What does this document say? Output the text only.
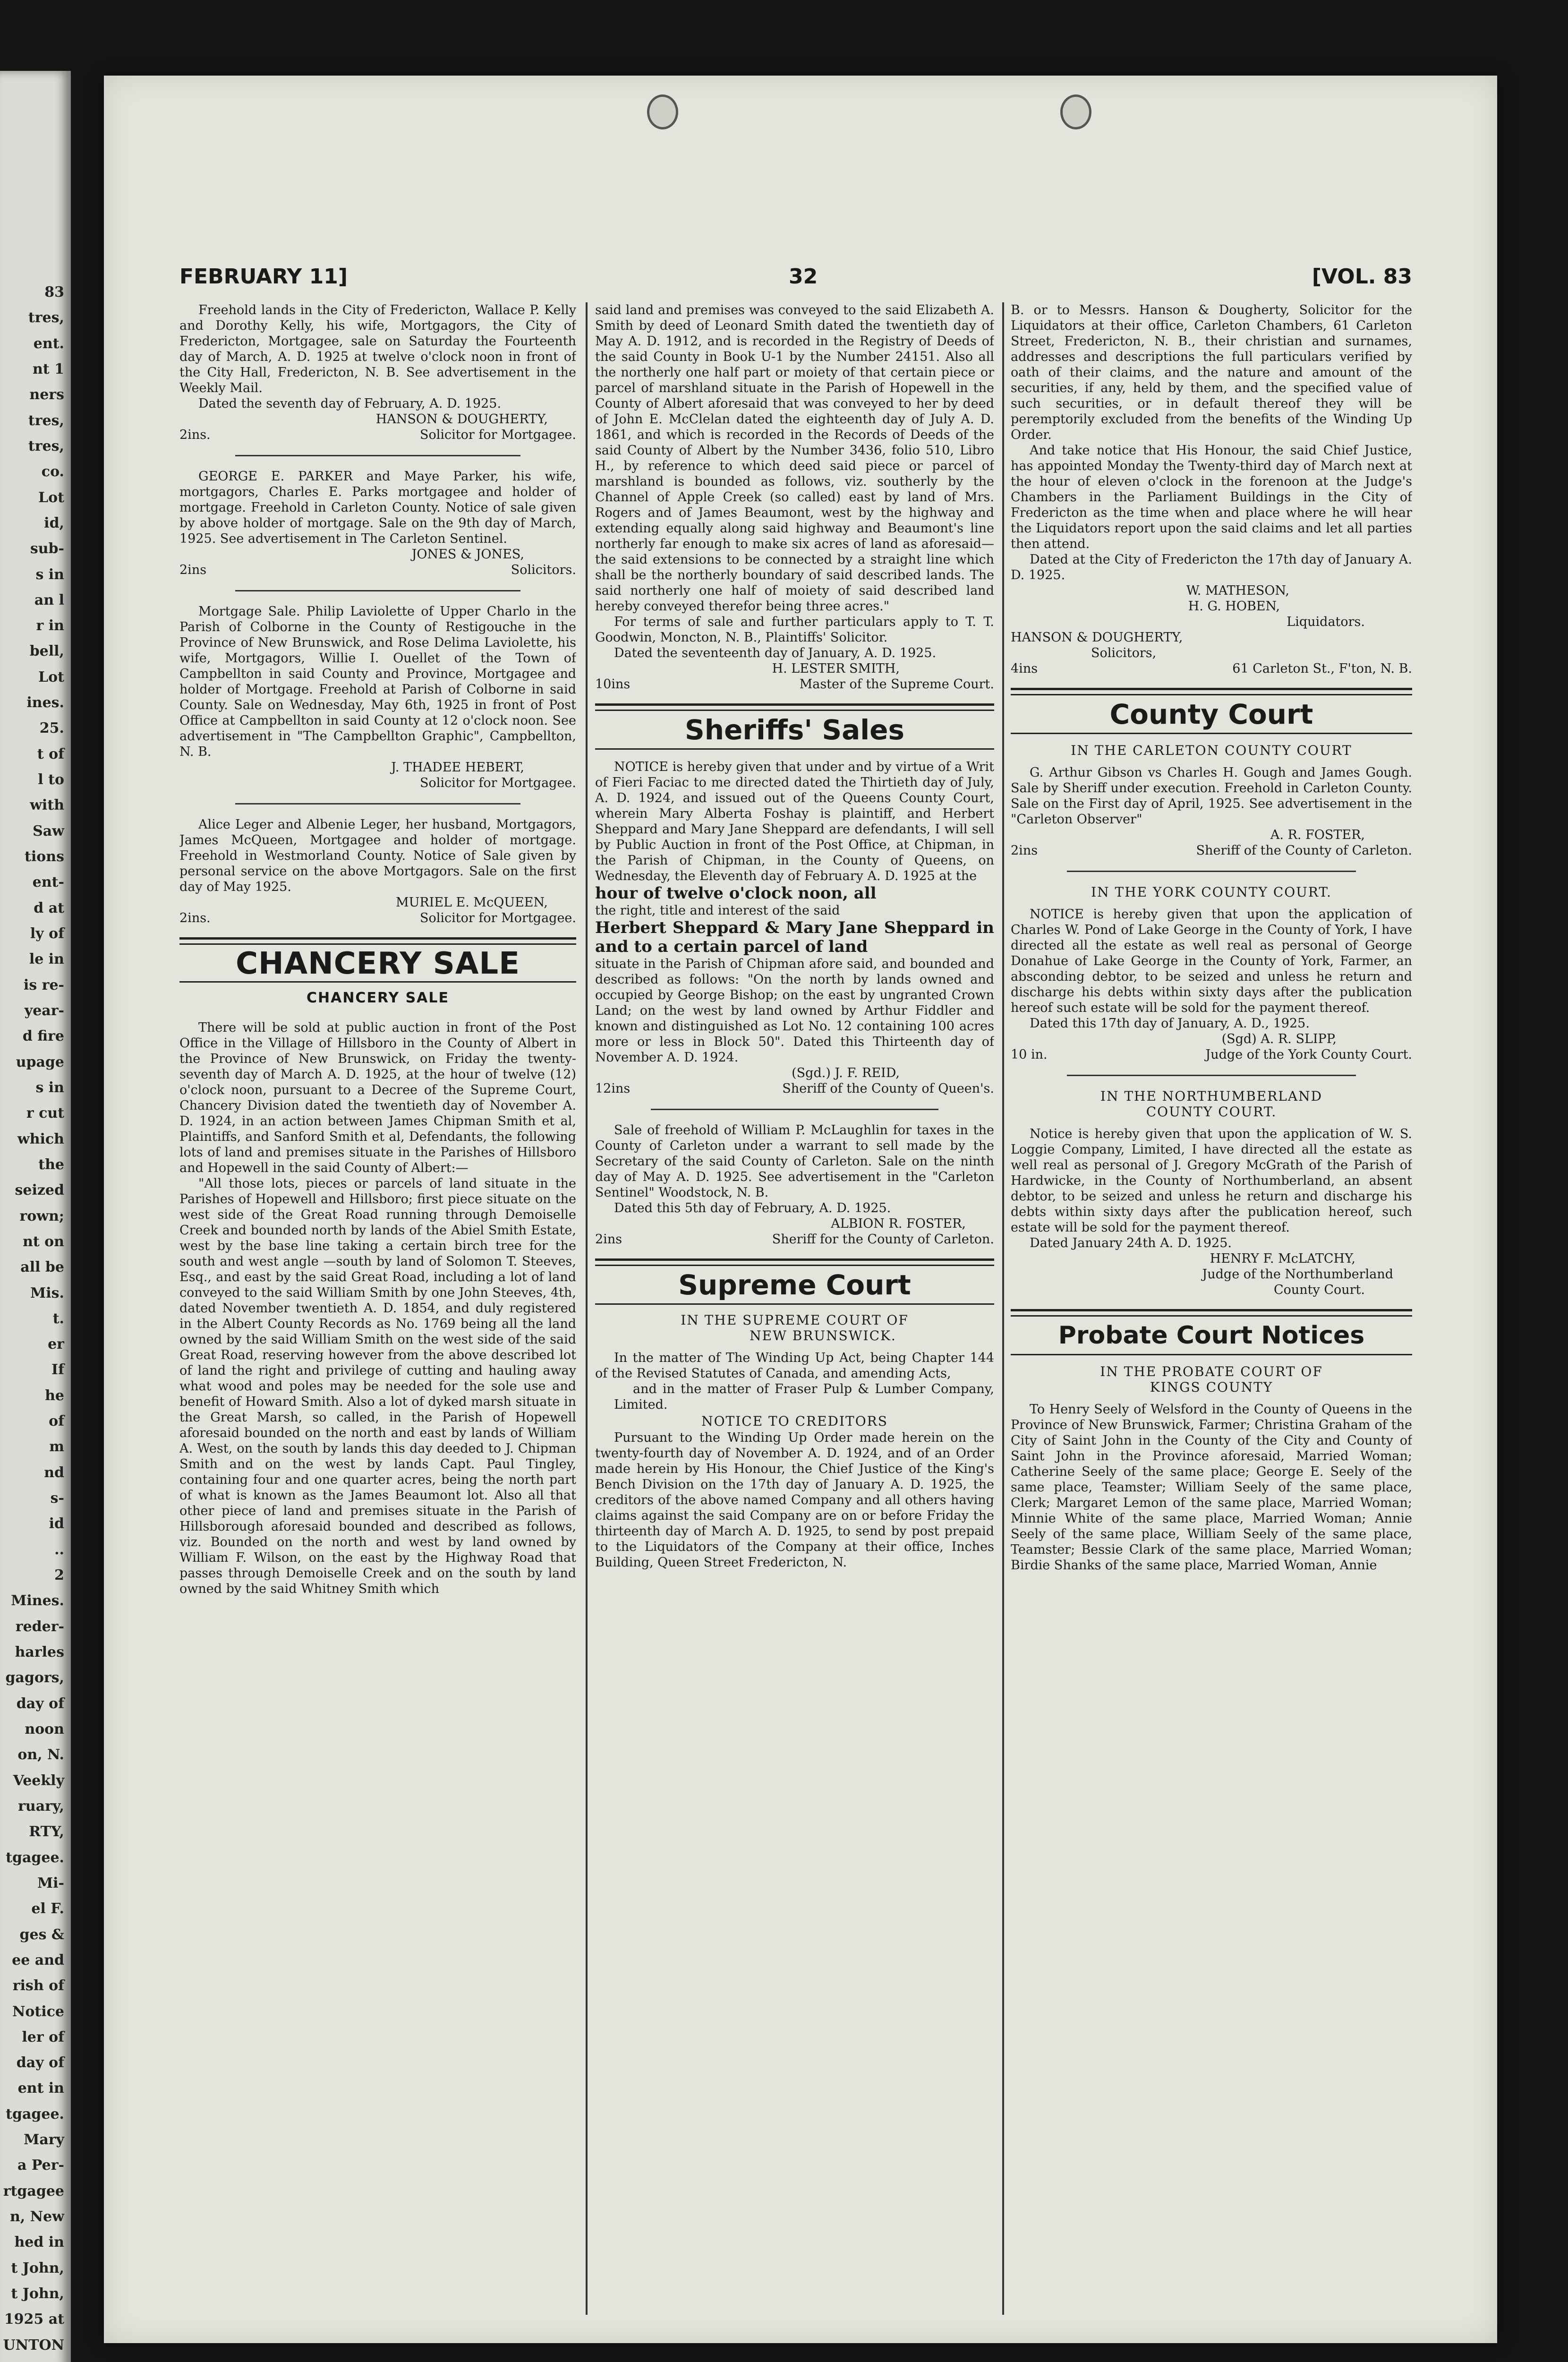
83
tres,
ent.
nt 1
ners
tres,
tres,
co.
Lot
id,
sub-
s in
an l
r in
bell,
Lot
ines.
25.
t of
l to
with
Saw
tions
ent-
d at
ly of
le in
is re-
year-
d fire
upage
s in
r cut
which
the
seized
rown;
nt on
all be
Mis.
t.
er
If
he
of
m
nd
s-
id
..
2
Mines.
reder-
harles
gagors,
day of
noon
on, N.
Veekly
ruary,
RTY,
tgagee.
Mi-
el F.
ges &
ee and
rish of
Notice
ler of
day of
ent in
tgagee.
Mary
a Per-
rtgagee
n, New
hed in
t John,
t John,
1925 at
UNTON
FEBRUARY 11]	32	[VOL. 83

Freehold lands in the City of Fredericton, Wallace P. Kelly and Dorothy Kelly, his wife, Mortgagors, the City of Fredericton, Mortgagee, sale on Saturday the Fourteenth day of March, A. D. 1925 at twelve o'clock noon in front of the City Hall, Fredericton, N. B. See advertisement in the Weekly Mail.

Dated the seventh day of February, A. D. 1925.

HANSON & DOUGHERTY,

2ins.	Solicitor for Mortgagee.

GEORGE E. PARKER and Maye Parker, his wife, mortgagors, Charles E. Parks mortgagee and holder of mortgage. Freehold in Carleton County. Notice of sale given by above holder of mortgage. Sale on the 9th day of March, 1925. See advertisement in The Carleton Sentinel.

JONES & JONES,

2ins	Solicitors.

Mortgage Sale. Philip Laviolette of Upper Charlo in the Parish of Colborne in the County of Restigouche in the Province of New Brunswick, and Rose Delima Laviolette, his wife, Mortgagors, Willie I. Ouellet of the Town of Campbellton in said County and Province, Mortgagee and holder of Mortgage. Freehold at Parish of Colborne in said County. Sale on Wednesday, May 6th, 1925 in front of Post Office at Campbellton in said County at 12 o'clock noon. See advertisement in "The Campbellton Graphic", Campbellton, N. B.

J. THADEE HEBERT,

Solicitor for Mortgagee.

Alice Leger and Albenie Leger, her husband, Mortgagors, James McQueen, Mortgagee and holder of mortgage. Freehold in Westmorland County. Notice of Sale given by personal service on the above Mortgagors. Sale on the first day of May 1925.

MURIEL E. McQUEEN,

2ins.	Solicitor for Mortgagee.
CHANCERY SALE
CHANCERY SALE

There will be sold at public auction in front of the Post Office in the Village of Hillsboro in the County of Albert in the Province of New Brunswick, on Friday the twenty-seventh day of March A. D. 1925, at the hour of twelve (12) o'clock noon, pursuant to a Decree of the Supreme Court, Chancery Division dated the twentieth day of November A. D. 1924, in an action between James Chipman Smith et al, Plaintiffs, and Sanford Smith et al, Defendants, the following lots of land and premises situate in the Parishes of Hillsboro and Hopewell in the said County of Albert:—

"All those lots, pieces or parcels of land situate in the Parishes of Hopewell and Hillsboro; first piece situate on the west side of the Great Road running through Demoiselle Creek and bounded north by lands of the Abiel Smith Estate, west by the base line taking a certain birch tree for the south and west angle —south by land of Solomon T. Steeves, Esq., and east by the said Great Road, including a lot of land conveyed to the said William Smith by one John Steeves, 4th, dated November twentieth A. D. 1854, and duly registered in the Albert County Records as No. 1769 being all the land owned by the said William Smith on the west side of the said Great Road, reserving however from the above described lot of land the right and privilege of cutting and hauling away what wood and poles may be needed for the sole use and benefit of Howard Smith. Also a lot of dyked marsh situate in the Great Marsh, so called, in the Parish of Hopewell aforesaid bounded on the north and east by lands of William A. West, on the south by lands this day deeded to J. Chipman Smith and on the west by lands Capt. Paul Tingley, containing four and one quarter acres, being the north part of what is known as the James Beaumont lot. Also all that other piece of land and premises situate in the Parish of Hillsborough aforesaid bounded and described as follows, viz. Bounded on the north and west by land owned by William F. Wilson, on the east by the Highway Road that passes through Demoiselle Creek and on the south by land owned by the said Whitney Smith which

said land and premises was conveyed to the said Elizabeth A. Smith by deed of Leonard Smith dated the twentieth day of May A. D. 1912, and is recorded in the Registry of Deeds of the said County in Book U-1 by the Number 24151. Also all the northerly one half part or moiety of that certain piece or parcel of marshland situate in the Parish of Hopewell in the County of Albert aforesaid that was conveyed to her by deed of John E. McClelan dated the eighteenth day of July A. D. 1861, and which is recorded in the Records of Deeds of the said County of Albert by the Number 3436, folio 510, Libro H., by reference to which deed said piece or parcel of marshland is bounded as follows, viz. southerly by the Channel of Apple Creek (so called) east by land of Mrs. Rogers and of James Beaumont, west by the highway and extending equally along said highway and Beaumont's line northerly far enough to make six acres of land as aforesaid—the said extensions to be connected by a straight line which shall be the northerly boundary of said described lands. The said northerly one half of moiety of said described land hereby conveyed therefor being three acres."

For terms of sale and further particulars apply to T. T. Goodwin, Moncton, N. B., Plaintiffs' Solicitor.

Dated the seventeenth day of January, A. D. 1925.

H. LESTER SMITH,

10ins	Master of the Supreme Court.
Sheriffs' Sales

NOTICE is hereby given that under and by virtue of a Writ of Fieri Faciac to me directed dated the Thirtieth day of July, A. D. 1924, and issued out of the Queens County Court, wherein Mary Alberta Foshay is plaintiff, and Herbert Sheppard and Mary Jane Sheppard are defendants, I will sell by Public Auction in front of the Post Office, at Chipman, in the Parish of Chipman, in the County of Queens, on Wednesday, the Eleventh day of February A. D. 1925 at the

hour of twelve o'clock noon, all

the right, title and interest of the said

Herbert Sheppard & Mary Jane Sheppard in and to a certain parcel of land

situate in the Parish of Chipman afore said, and bounded and described as follows: "On the north by lands owned and occupied by George Bishop; on the east by ungranted Crown Land; on the west by land owned by Arthur Fiddler and known and distinguished as Lot No. 12 containing 100 acres more or less in Block 50". Dated this Thirteenth day of November A. D. 1924.

(Sgd.) J. F. REID,

12ins	Sheriff of the County of Queen's.

Sale of freehold of William P. McLaughlin for taxes in the County of Carleton under a warrant to sell made by the Secretary of the said County of Carleton. Sale on the ninth day of May A. D. 1925. See advertisement in the "Carleton Sentinel" Woodstock, N. B.

Dated this 5th day of February, A. D. 1925.

ALBION R. FOSTER,

2ins	Sheriff for the County of Carleton.
Supreme Court

IN THE SUPREME COURT OF

NEW BRUNSWICK.

In the matter of The Winding Up Act, being Chapter 144 of the Revised Statutes of Canada, and amending Acts,

and in the matter of Fraser Pulp & Lumber Company, Limited.

NOTICE TO CREDITORS

Pursuant to the Winding Up Order made herein on the twenty-fourth day of November A. D. 1924, and of an Order made herein by His Honour, the Chief Justice of the King's Bench Division on the 17th day of January A. D. 1925, the creditors of the above named Company and all others having claims against the said Company are on or before Friday the thirteenth day of March A. D. 1925, to send by post prepaid to the Liquidators of the Company at their office, Inches Building, Queen Street Fredericton, N.

B. or to Messrs. Hanson & Dougherty, Solicitor for the Liquidators at their office, Carleton Chambers, 61 Carleton Street, Fredericton, N. B., their christian and surnames, addresses and descriptions the full particulars verified by oath of their claims, and the nature and amount of the securities, if any, held by them, and the specified value of such securities, or in default thereof they will be peremptorily excluded from the benefits of the Winding Up Order.

And take notice that His Honour, the said Chief Justice, has appointed Monday the Twenty-third day of March next at the hour of eleven o'clock in the forenoon at the Judge's Chambers in the Parliament Buildings in the City of Fredericton as the time when and place where he will hear the Liquidators report upon the said claims and let all parties then attend.

Dated at the City of Fredericton the 17th day of January A. D. 1925.

W. MATHESON,

H. G. HOBEN,

Liquidators.

HANSON & DOUGHERTY,

Solicitors,

4ins	61 Carleton St., F'ton, N. B.
County Court

IN THE CARLETON COUNTY COURT

G. Arthur Gibson vs Charles H. Gough and James Gough. Sale by Sheriff under execution. Freehold in Carleton County. Sale on the First day of April, 1925. See advertisement in the "Carleton Observer"

A. R. FOSTER,

2ins	Sheriff of the County of Carleton.

IN THE YORK COUNTY COURT.

NOTICE is hereby given that upon the application of Charles W. Pond of Lake George in the County of York, I have directed all the estate as well real as personal of George Donahue of Lake George in the County of York, Farmer, an absconding debtor, to be seized and unless he return and discharge his debts within sixty days after the publication hereof such estate will be sold for the payment thereof.

Dated this 17th day of January, A. D., 1925.

(Sgd) A. R. SLIPP,

10 in.	Judge of the York County Court.

IN THE NORTHUMBERLAND

COUNTY COURT.

Notice is hereby given that upon the application of W. S. Loggie Company, Limited, I have directed all the estate as well real as personal of J. Gregory McGrath of the Parish of Hardwicke, in the County of Northumberland, an absent debtor, to be seized and unless he return and discharge his debts within sixty days after the publication hereof, such estate will be sold for the payment thereof.

Dated January 24th A. D. 1925.

HENRY F. McLATCHY,

Judge of the Northumberland

County Court.

Probate Court Notices

IN THE PROBATE COURT OF

KINGS COUNTY

To Henry Seely of Welsford in the County of Queens in the Province of New Brunswick, Farmer; Christina Graham of the City of Saint John in the County of the City and County of Saint John in the Province aforesaid, Married Woman; Catherine Seely of the same place; George E. Seely of the same place, Teamster; William Seely of the same place, Clerk; Margaret Lemon of the same place, Married Woman; Minnie White of the same place, Married Woman; Annie Seely of the same place, William Seely of the same place, Teamster; Bessie Clark of the same place, Married Woman; Birdie Shanks of the same place, Married Woman, Annie
